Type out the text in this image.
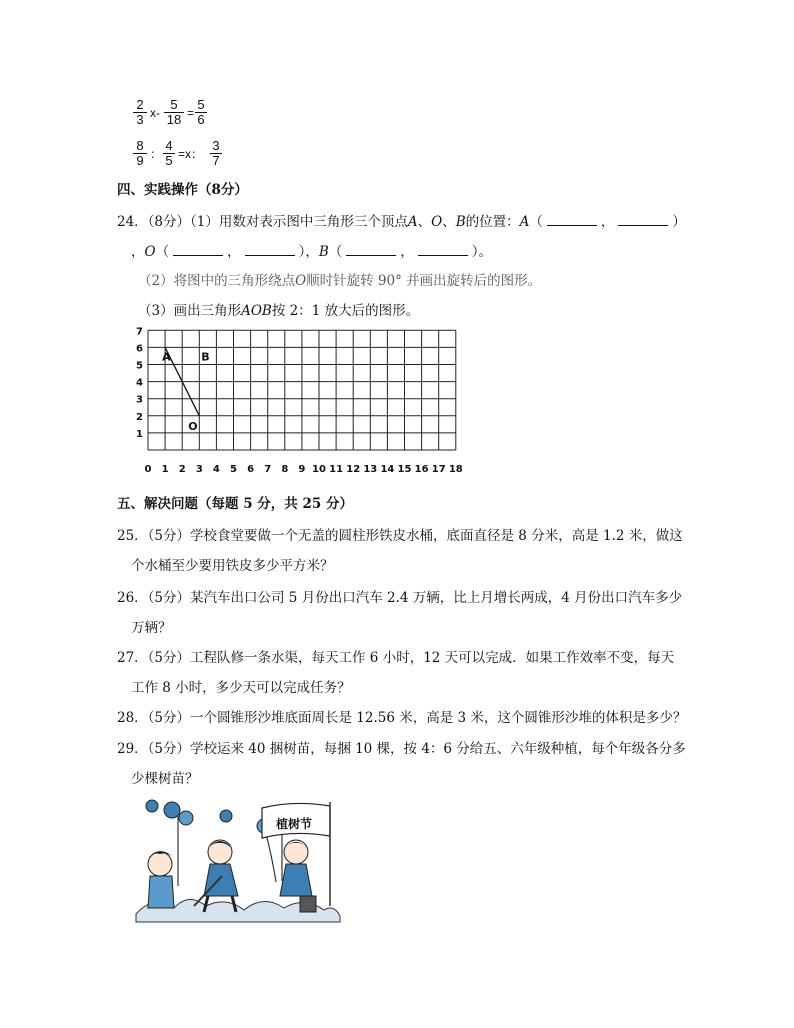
$\frac{2}{3} x- \frac{5}{18} = \frac{5}{6}$
$\frac{8}{9}$ ： $\frac{4}{5} =x$： $\frac{3}{7}$
四、实践操作（8分）
24．（8分）（1）用数对表示图中三角形三个顶点A、O、B的位置：A（	，	）
，O（	，	），B（	，	）。
（2）将图中的三角形绕点O顺时针旋转 90° 并画出旋转后的图形。
（3）画出三角形AOB按 2：1 放大后的图形。
7
6
5
4
3
2
1
0 1 2 3 4 5 6 7 8 9 10 11 12 13 14 15 16 17 18
A	B
O
五、解决问题（每题 5 分，共 25 分）
25．（5分）学校食堂要做一个无盖的圆柱形铁皮水桶，底面直径是 8 分米，高是 1.2 米，做这
个水桶至少要用铁皮多少平方米？
26．（5分）某汽车出口公司 5 月份出口汽车 2.4 万辆，比上月增长两成，4 月份出口汽车多少
万辆？
27．（5分）工程队修一条水渠，每天工作 6 小时，12 天可以完成．如果工作效率不变，每天
工作 8 小时，多少天可以完成任务？
28．（5分）一个圆锥形沙堆底面周长是 12.56 米，高是 3 米，这个圆锥形沙堆的体积是多少？
29．（5分）学校运来 40 捆树苗，每捆 10 棵，按 4：6 分给五、六年级种植，每个年级各分多
少棵树苗？
植树节
